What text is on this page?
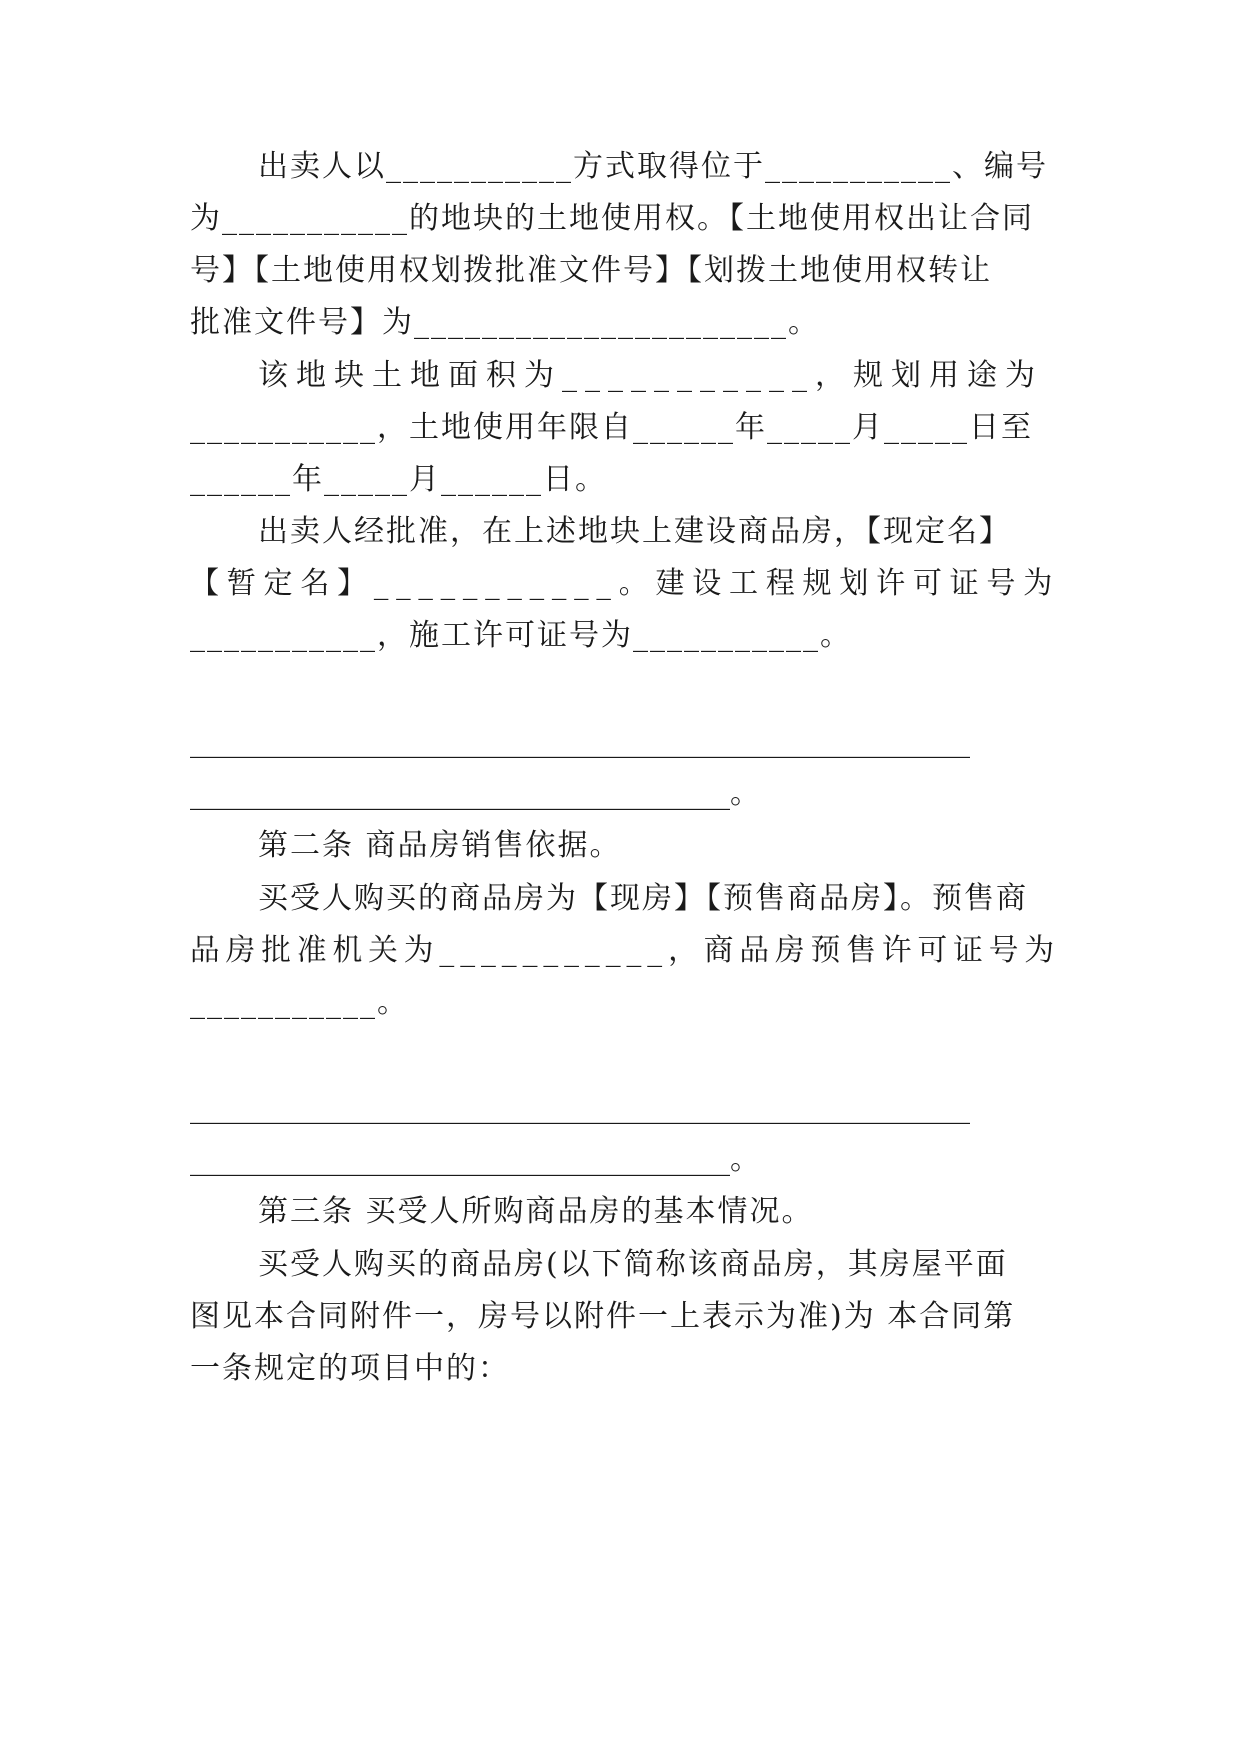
出卖人以___________方式取得位于___________、编号
为___________的地块的土地使用权。【土地使用权出让合同
号】【土地使用权划拨批准文件号】【划拨土地使用权转让
批准文件号】为______________________。
该地块土地面积为___________，规划用途为
___________，土地使用年限自______年_____月_____日至
______年_____月______日。
出卖人经批准，在上述地块上建设商品房，【现定名】
【暂定名】___________。建设工程规划许可证号为
___________，施工许可证号为___________。
____________________________________________________
____________________________________。
第二条 商品房销售依据。
买受人购买的商品房为【现房】【预售商品房】。预售商
品房批准机关为___________，商品房预售许可证号为
___________。
____________________________________________________
____________________________________。
第三条 买受人所购商品房的基本情况。
买受人购买的商品房(以下简称该商品房，其房屋平面
图见本合同附件一，房号以附件一上表示为准)为 本合同第
一条规定的项目中的：
